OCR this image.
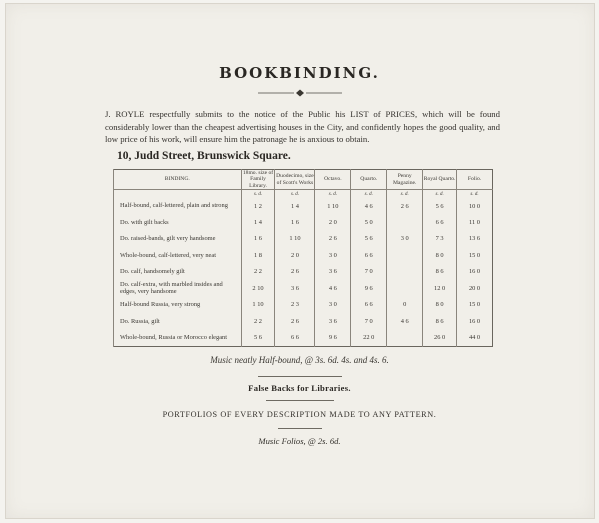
BOOKBINDING.
J. ROYLE respectfully submits to the notice of the Public his LIST of PRICES, which will be found considerably lower than the cheapest advertising houses in the City, and confidently hopes the good quality, and low price of his work, will ensure him the patronage he is anxious to obtain.
10, Judd Street, Brunswick Square.
BINDING.	18mo. size of Family Library.	Duodecimo, size of Scott's Works	Octavo.	Quarto.	Penny Magazine.	Royal Quarto.	Folio.
	s. d.	s. d.	s. d.	s. d.	s. d.	s. d.	s. d.
Half-bound, calf-lettered, plain and strong	1 2	1 4	1 10	4 6	2 6	5 6	10 0
Do. with gilt backs	1 4	1 6	2 0	5 0		6 6	11 0
Do. raised-bands, gilt very handsome	1 6	1 10	2 6	5 6	3 0	7 3	13 6
Whole-bound, calf-lettered, very neat	1 8	2 0	3 0	6 6		8 0	15 0
Do. calf, handsomely gilt	2 2	2 6	3 6	7 0		8 6	16 0
Do. calf-extra, with marbled insides and edges, very handsome	2 10	3 6	4 6	9 6		12 0	20 0
Half-bound Russia, very strong	1 10	2 3	3 0	6 6	0	8 0	15 0
Do. Russia, gilt	2 2	2 6	3 6	7 0	4 6	8 6	16 0
Whole-bound, Russia or Morocco elegant	5 6	6 6	9 6	22 0		26 0	44 0
Music neatly Half-bound, @ 3s. 6d. 4s. and 4s. 6.
False Backs for Libraries.
PORTFOLIOS OF EVERY DESCRIPTION MADE TO ANY PATTERN.
Music Folios, @ 2s. 6d.
